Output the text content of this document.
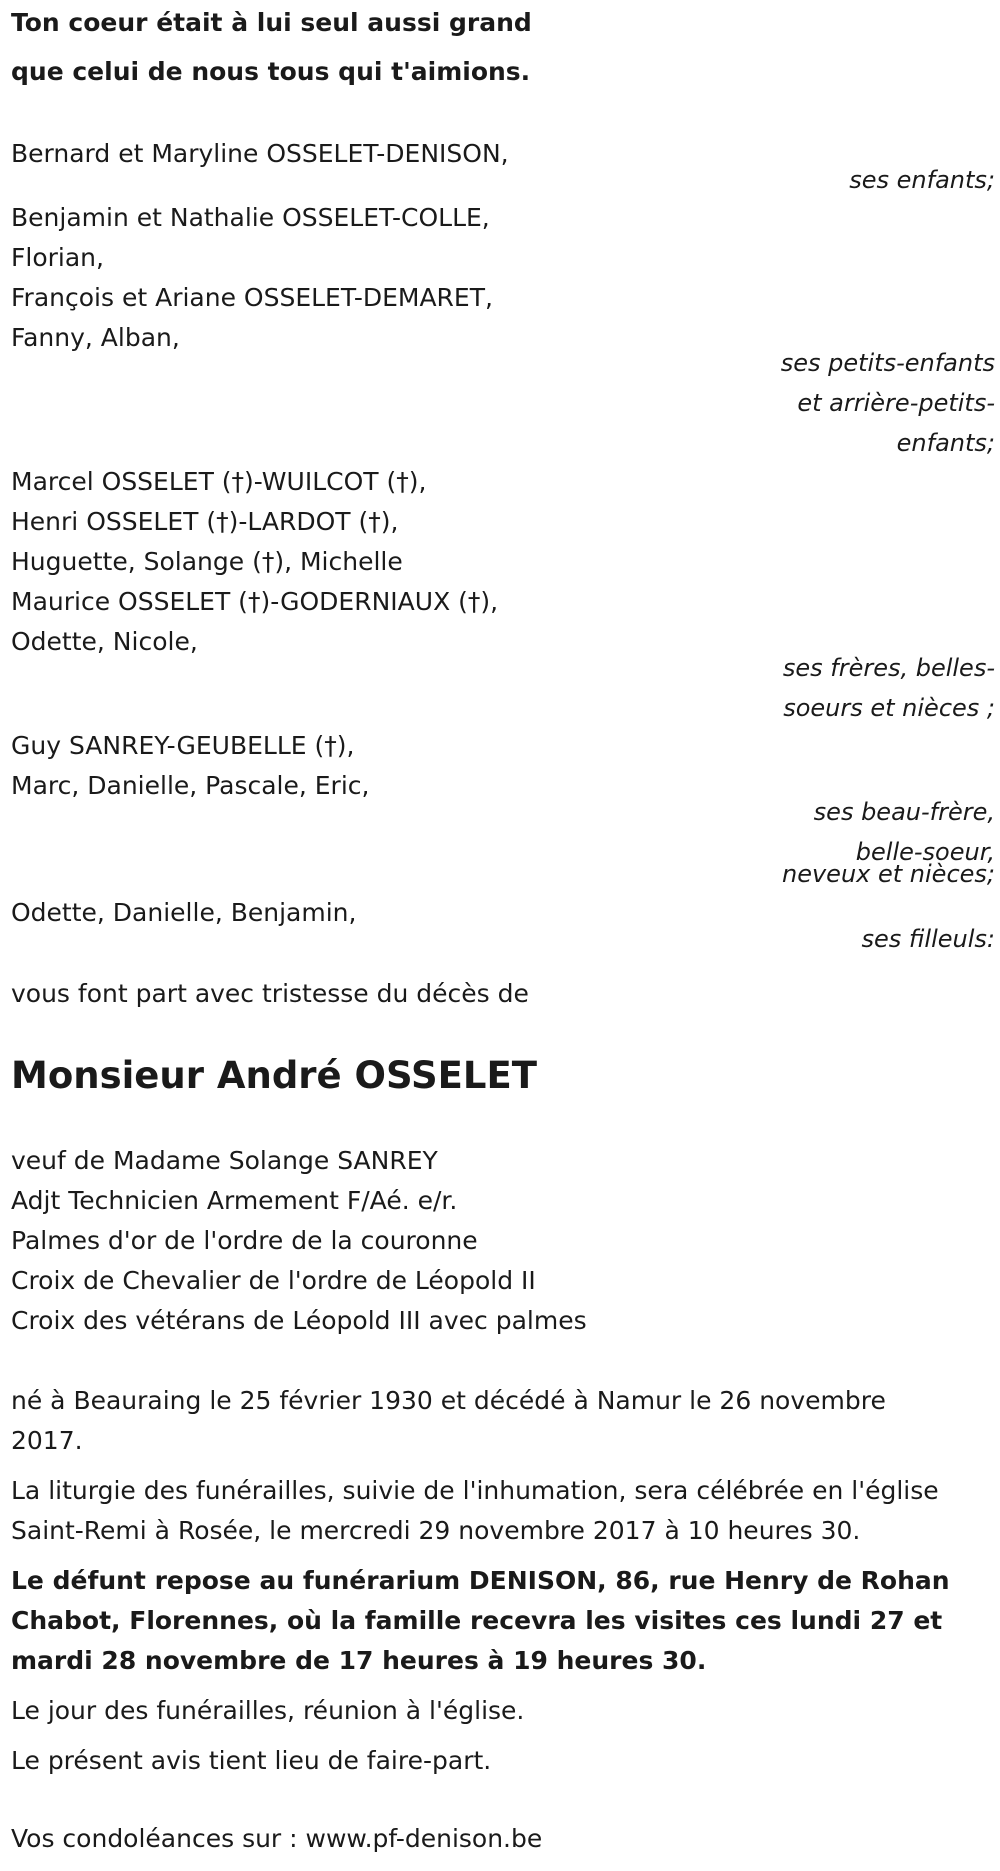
Ton coeur était à lui seul aussi grand
que celui de nous tous qui t'aimions.
Bernard et Maryline OSSELET-DENISON,
ses enfants;
Benjamin et Nathalie OSSELET-COLLE,
Florian,
François et Ariane OSSELET-DEMARET,
Fanny, Alban,
ses petits-enfants
et arrière-petits-
enfants;
Marcel OSSELET (†)-WUILCOT (†),
Henri OSSELET (†)-LARDOT (†),
Huguette, Solange (†), Michelle
Maurice OSSELET (†)-GODERNIAUX (†),
Odette, Nicole,
ses frères, belles-
soeurs et nièces ;
Guy SANREY-GEUBELLE (†),
Marc, Danielle, Pascale, Eric,
ses beau-frère,
belle-soeur,
neveux et nièces;
Odette, Danielle, Benjamin,
ses filleuls:
vous font part avec tristesse du décès de
Monsieur André OSSELET
veuf de Madame Solange SANREY
Adjt Technicien Armement F/Aé. e/r.
Palmes d'or de l'ordre de la couronne
Croix de Chevalier de l'ordre de Léopold II
Croix des vétérans de Léopold III avec palmes
né à Beauraing le 25 février 1930 et décédé à Namur le 26 novembre
2017.
La liturgie des funérailles, suivie de l'inhumation, sera célébrée en l'église
Saint-Remi à Rosée, le mercredi 29 novembre 2017 à 10 heures 30.
Le défunt repose au funérarium DENISON, 86, rue Henry de Rohan
Chabot, Florennes, où la famille recevra les visites ces lundi 27 et
mardi 28 novembre de 17 heures à 19 heures 30.
Le jour des funérailles, réunion à l'église.
Le présent avis tient lieu de faire-part.
Vos condoléances sur : www.pf-denison.be
